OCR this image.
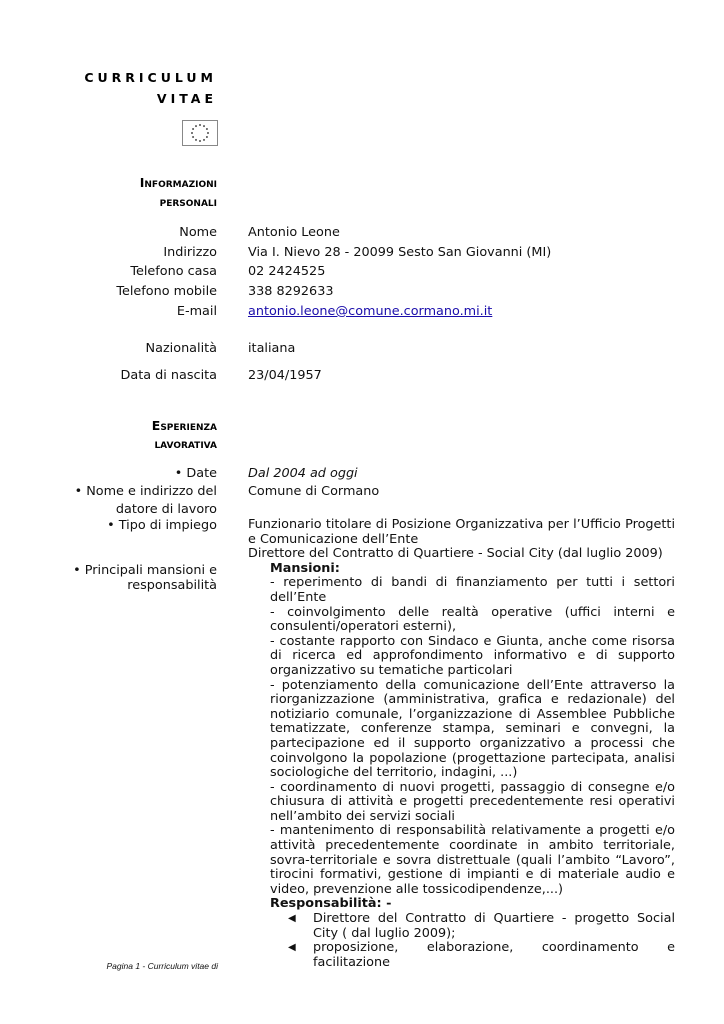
CURRICULUM
VITAE
Informazioni
personali
Nome Antonio Leone
Indirizzo Via I. Nievo 28 - 20099 Sesto San Giovanni (MI)
Telefono casa 02 2424525
Telefono mobile 338 8292633
E-mail antonio.leone@comune.cormano.mi.it
Nazionalità italiana
Data di nascita 23/04/1957
Esperienza
lavorativa
• Date Dal 2004 ad oggi
• Nome e indirizzo del
datore di lavoro
Comune di Cormano
• Tipo di impiego
• Principali mansioni e
responsabilità

Funzionario titolare di Posizione Organizzativa per l’Ufficio Progetti e Comunicazione dell’Ente

Direttore del Contratto di Quartiere - Social City (dal luglio 2009)

Mansioni:

- reperimento di bandi di finanziamento per tutti i settori dell’Ente

- coinvolgimento delle realtà operative (uffici interni e consulenti/operatori esterni),

- costante rapporto con Sindaco e Giunta, anche come risorsa di ricerca ed approfondimento informativo e di supporto organizzativo su tematiche particolari

- potenziamento della comunicazione dell’Ente attraverso la riorganizzazione (amministrativa, grafica e redazionale) del notiziario comunale, l’organizzazione di Assemblee Pubbliche tematizzate, conferenze stampa, seminari e convegni, la partecipazione ed il supporto organizzativo a processi che coinvolgono la popolazione (progettazione partecipata, analisi sociologiche del territorio, indagini, ...)

- coordinamento di nuovi progetti, passaggio di consegne e/o chiusura di attività e progetti precedentemente resi operativi nell’ambito dei servizi sociali

- mantenimento di responsabilità relativamente a progetti e/o attività precedentemente coordinate in ambito territoriale, sovra-territoriale e sovra distrettuale (quali l’ambito “Lavoro”, tirocini formativi, gestione di impianti e di materiale audio e video, prevenzione alle tossicodipendenze,...)

Responsabilità: -

◀ Direttore del Contratto di Quartiere - progetto Social City ( dal luglio 2009);
◀ proposizione, elaborazione, coordinamento e facilitazione
Pagina 1 - Curriculum vitae di
